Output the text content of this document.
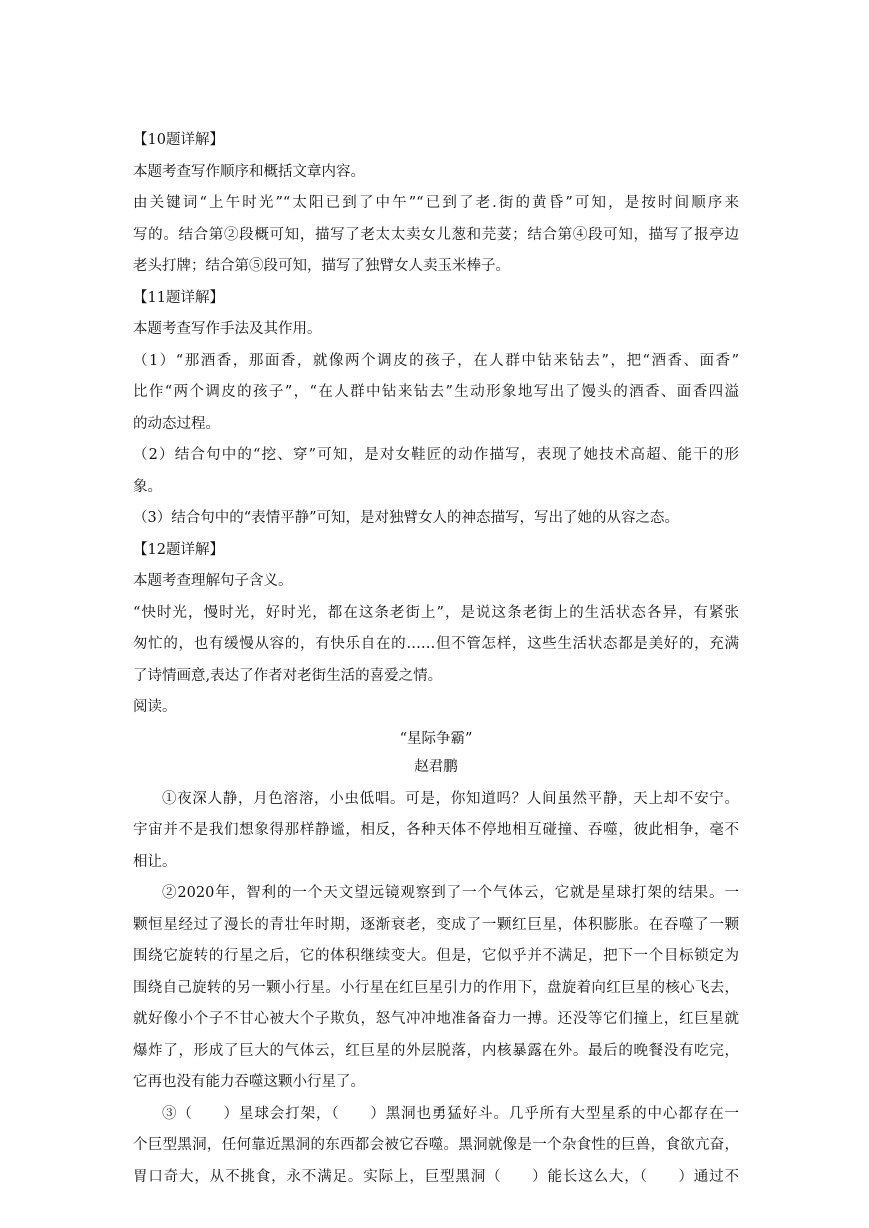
【10题详解】
本题考查写作顺序和概括文章内容。
由关键词“上午时光”“太阳已到了中午”“已到了老.街的黄昏”可知，是按时间顺序来
写的。结合第②段概可知，描写了老太太卖女儿葱和芫荽；结合第④段可知，描写了报亭边
老头打牌；结合第⑤段可知，描写了独臂女人卖玉米棒子。
【11题详解】
本题考查写作手法及其作用。
（1）“那酒香，那面香，就像两个调皮的孩子，在人群中钻来钻去”，把“酒香、面香”
比作“两个调皮的孩子”，“在人群中钻来钻去”生动形象地写出了馒头的酒香、面香四溢
的动态过程。
（2）结合句中的“挖、穿”可知，是对女鞋匠的动作描写，表现了她技术高超、能干的形
象。
（3）结合句中的“表情平静”可知，是对独臂女人的神态描写，写出了她的从容之态。
【12题详解】
本题考查理解句子含义。
“快时光，慢时光，好时光，都在这条老街上”，是说这条老街上的生活状态各异，有紧张
匆忙的，也有缓慢从容的，有快乐自在的……但不管怎样，这些生活状态都是美好的，充满
了诗情画意,表达了作者对老街生活的喜爱之情。
阅读。
“星际争霸”
赵君鹏
①夜深人静，月色溶溶，小虫低唱。可是，你知道吗？人间虽然平静，天上却不安宁。
宇宙并不是我们想象得那样静谧，相反，各种天体不停地相互碰撞、吞噬，彼此相争，毫不
相让。
②2020年，智利的一个天文望远镜观察到了一个气体云，它就是星球打架的结果。一
颗恒星经过了漫长的青壮年时期，逐渐衰老，变成了一颗红巨星，体积膨胀。在吞噬了一颗
围绕它旋转的行星之后，它的体积继续变大。但是，它似乎并不满足，把下一个目标锁定为
围绕自己旋转的另一颗小行星。小行星在红巨星引力的作用下，盘旋着向红巨星的核心飞去，
就好像小个子不甘心被大个子欺负，怒气冲冲地准备奋力一搏。还没等它们撞上，红巨星就
爆炸了，形成了巨大的气体云，红巨星的外层脱落，内核暴露在外。最后的晚餐没有吃完，
它再也没有能力吞噬这颗小行星了。
③（　　）星球会打架，（　　）黑洞也勇猛好斗。几乎所有大型星系的中心都存在一
个巨型黑洞，任何靠近黑洞的东西都会被它吞噬。黑洞就像是一个杂食性的巨兽，食欲亢奋，
胃口奇大，从不挑食，永不满足。实际上，巨型黑洞（　　）能长这么大，（　　）通过不
